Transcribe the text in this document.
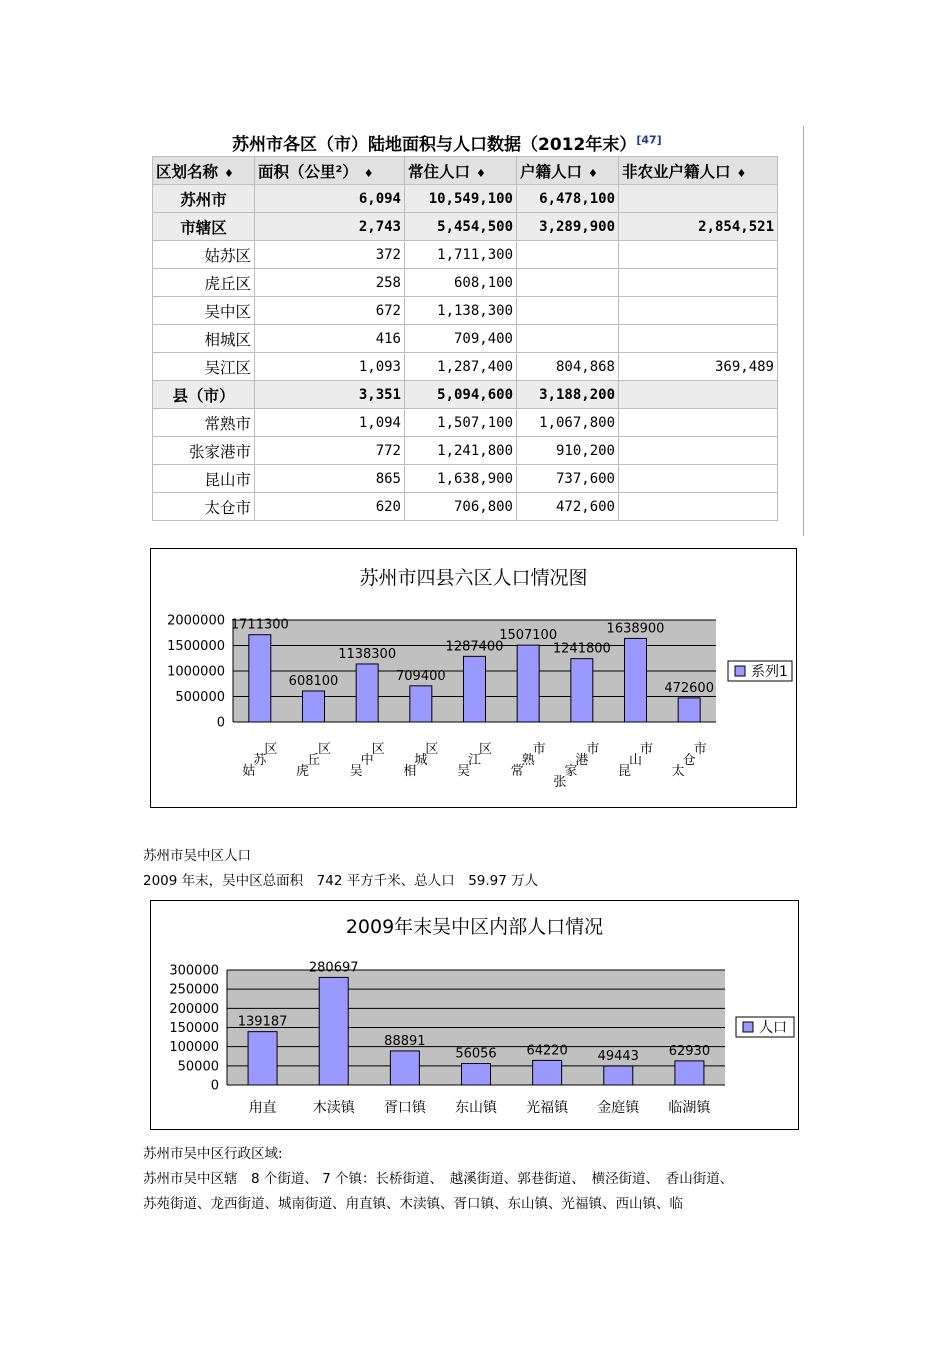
苏州市各区（市）陆地面积与人口数据（2012年末）[47]
区划名称 ♦	面积（公里²） ♦	常住人口 ♦	户籍人口 ♦	非农业户籍人口 ♦
苏州市	6,094	10,549,100	6,478,100	
市辖区	2,743	5,454,500	3,289,900	2,854,521
姑苏区	372	1,711,300		
虎丘区	258	608,100		
吴中区	672	1,138,300		
相城区	416	709,400		
吴江区	1,093	1,287,400	804,868	369,489
县（市）	3,351	5,094,600	3,188,200	
常熟市	1,094	1,507,100	1,067,800	
张家港市	772	1,241,800	910,200	
昆山市	865	1,638,900	737,600	
太仓市	620	706,800	472,600	
苏州市四县六区人口情况图
0
500000
1000000
1500000
2000000 1711300
姑
苏
区
608100
虎
丘
区
1138300
吴
中
区
709400
相
城
区
1287400
吴
江
区
1507100
常
熟
市
1241800
张
家
港
市
1638900
昆
山
市
472600
太
仓
市
系列1
苏州市吴中区人口
2009 年末，吴中区总面积　742 平方千米、总人口　59.97 万人
2009年末吴中区内部人口情况
0
50000
100000
150000
200000
250000
300000
139187
甪直
280697
木渎镇
88891
胥口镇
56056
东山镇
64220
光福镇
49443
金庭镇
62930
临湖镇
人口
苏州市吴中区行政区域:
苏州市吴中区辖　8 个街道、 7 个镇：长桥街道、　越溪街道、郭巷街道、　横泾街道、　香山街道、
苏苑街道、龙西街道、城南街道、甪直镇、木渎镇、胥口镇、东山镇、光福镇、西山镇、临
